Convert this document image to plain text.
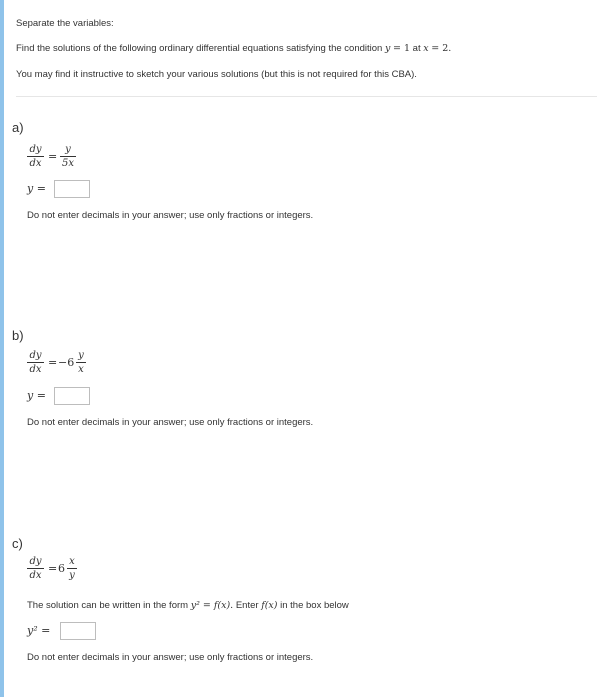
Separate the variables:
Find the solutions of the following ordinary differential equations satisfying the condition y = 1 at x = 2.
You may find it instructive to sketch your various solutions (but this is not required for this CBA).
a)
dy
dx
=
y
5x
y =
Do not enter decimals in your answer; use only fractions or integers.
b)
dy
dx
= −6
y
x
y =
Do not enter decimals in your answer; use only fractions or integers.
c)
dy
dx
= 6
x
y
The solution can be written in the form y² = f(x). Enter f(x) in the box below
y² =
Do not enter decimals in your answer; use only fractions or integers.
